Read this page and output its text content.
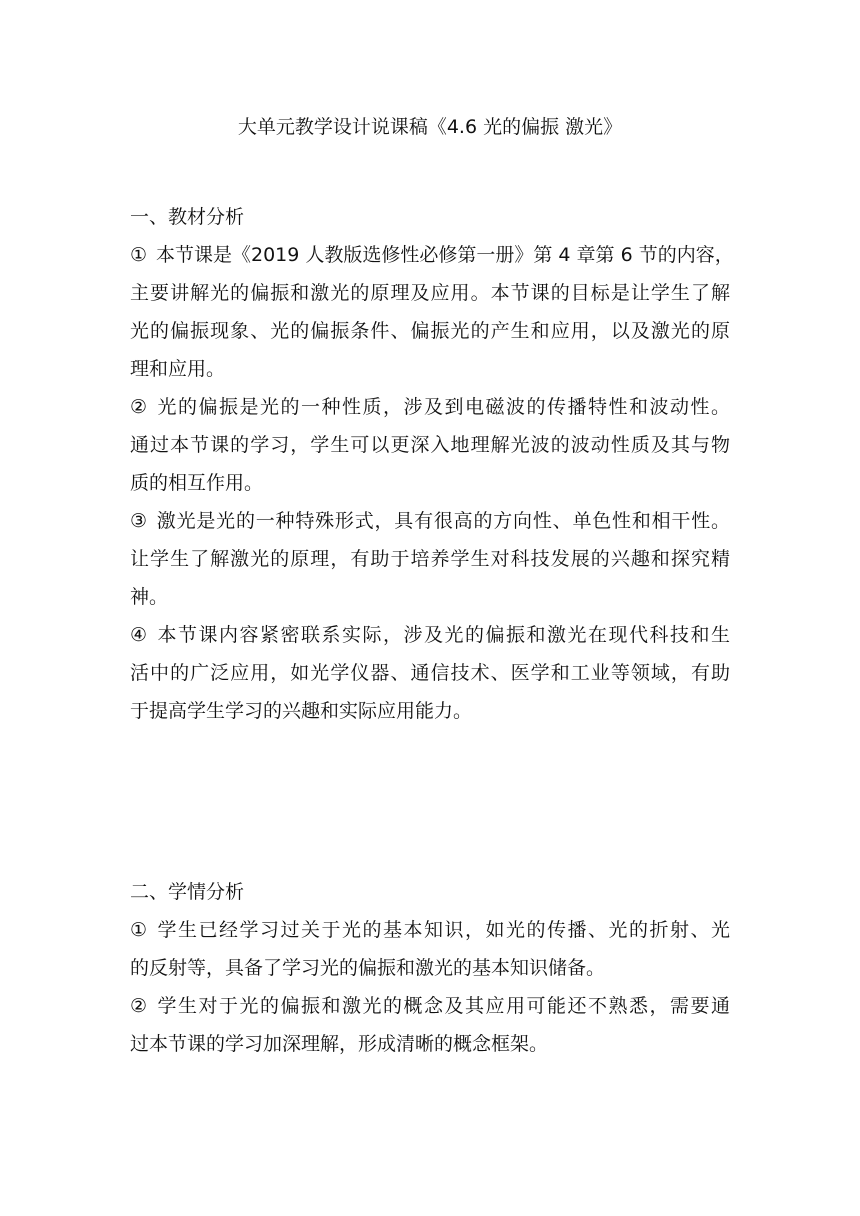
大单元教学设计说课稿《4.6 光的偏振 激光》
一、教材分析
① 本节课是《2019 人教版选修性必修第一册》第 4 章第 6 节的内容，
主要讲解光的偏振和激光的原理及应用。本节课的目标是让学生了解
光的偏振现象、光的偏振条件、偏振光的产生和应用，以及激光的原
理和应用。
② 光的偏振是光的一种性质，涉及到电磁波的传播特性和波动性。
通过本节课的学习，学生可以更深入地理解光波的波动性质及其与物
质的相互作用。
③ 激光是光的一种特殊形式，具有很高的方向性、单色性和相干性。
让学生了解激光的原理，有助于培养学生对科技发展的兴趣和探究精
神。
④ 本节课内容紧密联系实际，涉及光的偏振和激光在现代科技和生
活中的广泛应用，如光学仪器、通信技术、医学和工业等领域，有助
于提高学生学习的兴趣和实际应用能力。
二、学情分析
① 学生已经学习过关于光的基本知识，如光的传播、光的折射、光
的反射等，具备了学习光的偏振和激光的基本知识储备。
② 学生对于光的偏振和激光的概念及其应用可能还不熟悉，需要通
过本节课的学习加深理解，形成清晰的概念框架。
